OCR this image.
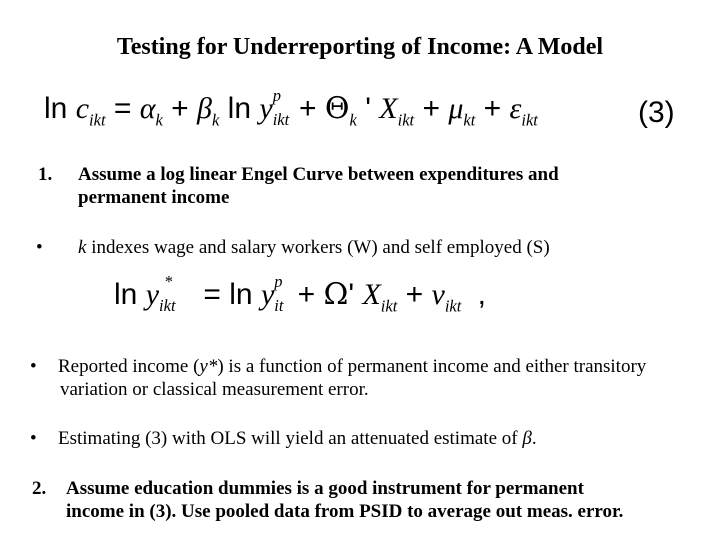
Testing for Underreporting of Income: A Model
$\ln c_{ikt} = \alpha_k + \beta_k$ ln y p
$_{ikt} + \Theta_k$ ' $X_{ikt} + \mu_{kt} + \varepsilon_{ikt}$	(3)
1. Assume a log linear Engel Curve between expenditures and
permanent income
• k indexes wage and salary workers (W) and self employed (S)
ln y *
$_{ikt}$ = ln y p
$_{it}$ + Ω' $X_{ikt} + \nu_{ikt}$ ,
• Reported income (y*) is a function of permanent income and either transitory
variation or classical measurement error.
• Estimating (3) with OLS will yield an attenuated estimate of β.
2. Assume education dummies is a good instrument for permanent
income in (3). Use pooled data from PSID to average out meas. error.
